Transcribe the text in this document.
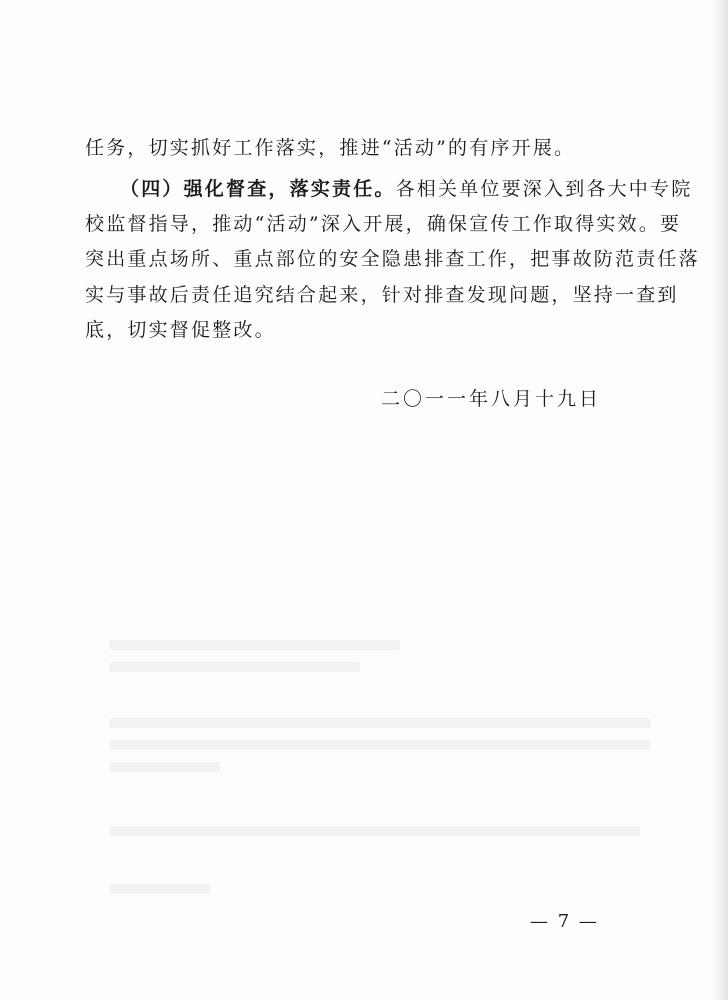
任务，切实抓好工作落实，推进“活动”的有序开展。
（四）强化督查，落实责任。各相关单位要深入到各大中专院
校监督指导，推动“活动”深入开展，确保宣传工作取得实效。要
突出重点场所、重点部位的安全隐患排查工作，把事故防范责任落
实与事故后责任追究结合起来，针对排查发现问题，坚持一查到
底，切实督促整改。
二〇一一年八月十九日
— 7 —
